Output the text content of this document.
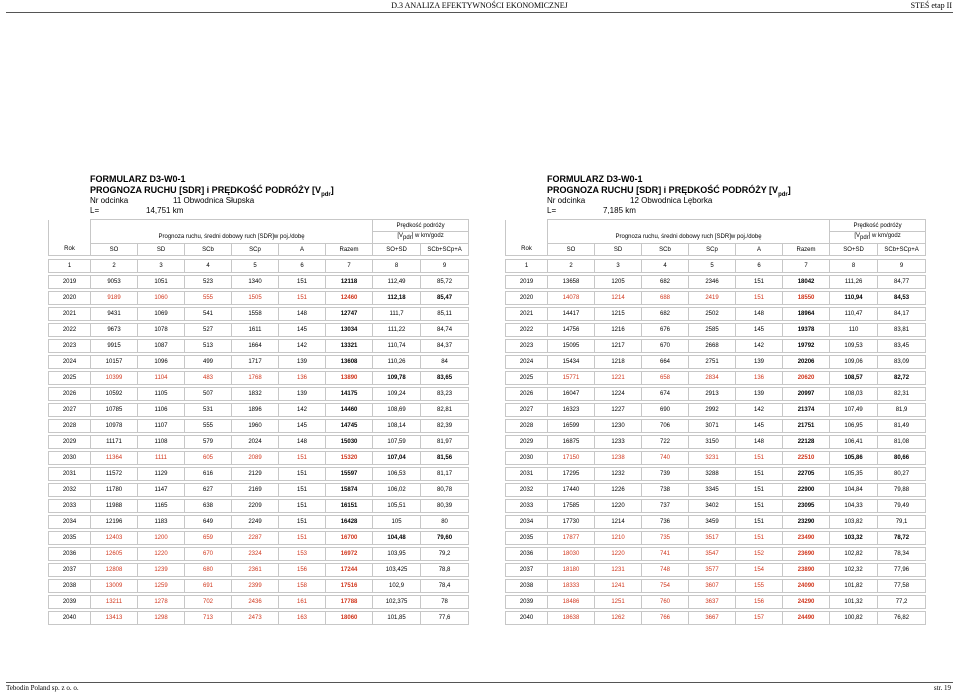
D.3 ANALIZA EFEKTYWNOŚCI EKONOMICZNEJ	STEŚ etap II
Tebodin Poland sp. z o. o.	str. 19
FORMULARZ D3-W0-1
PROGNOZA RUCHU [SDR] i PRĘDKOŚĆ PODRÓŻY $[V_{pdr}]$
Nr odcinka	11 Obwodnica Słupska
L=	14,751 km
							Prędkość podróży	
	Prognoza ruchu, średni dobowy ruch [SDR]w poj./dobę						$[V_{pdr}]$ w km/godz	
Rok	SO	SD	SCb	SCp	A	Razem	SO+SD	SCb+SCp+A

1	2	3	4	5	6	7	8	9

2019	9053	1051	523	1340	151	12118	112,49	85,72

2020	9189	1060	555	1505	151	12460	112,18	85,47

2021	9431	1069	541	1558	148	12747	111,7	85,11

2022	9673	1078	527	1611	145	13034	111,22	84,74

2023	9915	1087	513	1664	142	13321	110,74	84,37

2024	10157	1096	499	1717	139	13608	110,26	84

2025	10399	1104	483	1768	136	13890	109,78	83,65

2026	10592	1105	507	1832	139	14175	109,24	83,23

2027	10785	1106	531	1896	142	14460	108,69	82,81

2028	10978	1107	555	1960	145	14745	108,14	82,39

2029	11171	1108	579	2024	148	15030	107,59	81,97

2030	11364	1111	605	2089	151	15320	107,04	81,56

2031	11572	1129	616	2129	151	15597	106,53	81,17

2032	11780	1147	627	2169	151	15874	106,02	80,78

2033	11988	1165	638	2209	151	16151	105,51	80,39

2034	12196	1183	649	2249	151	16428	105	80

2035	12403	1200	659	2287	151	16700	104,48	79,60

2036	12605	1220	670	2324	153	16972	103,95	79,2

2037	12808	1239	680	2361	156	17244	103,425	78,8

2038	13009	1259	691	2399	158	17516	102,9	78,4

2039	13211	1278	702	2436	161	17788	102,375	78

2040	13413	1298	713	2473	163	18060	101,85	77,6
FORMULARZ D3-W0-1
PROGNOZA RUCHU [SDR] i PRĘDKOŚĆ PODRÓŻY $[V_{pdr}]$
Nr odcinka	12 Obwodnica Lęborka
L=	7,185 km
							Prędkość podróży	
	Prognoza ruchu, średni dobowy ruch [SDR]w poj./dobę						$[V_{pdr}]$ w km/godz	
Rok	SO	SD	SCb	SCp	A	Razem	SO+SD	SCb+SCp+A

1	2	3	4	5	6	7	8	9

2019	13658	1205	682	2346	151	18042	111,26	84,77

2020	14078	1214	688	2419	151	18550	110,94	84,53

2021	14417	1215	682	2502	148	18964	110,47	84,17

2022	14756	1216	676	2585	145	19378	110	83,81

2023	15095	1217	670	2668	142	19792	109,53	83,45

2024	15434	1218	664	2751	139	20206	109,06	83,09

2025	15771	1221	658	2834	136	20620	108,57	82,72

2026	16047	1224	674	2913	139	20997	108,03	82,31

2027	16323	1227	690	2992	142	21374	107,49	81,9

2028	16599	1230	706	3071	145	21751	106,95	81,49

2029	16875	1233	722	3150	148	22128	106,41	81,08

2030	17150	1238	740	3231	151	22510	105,86	80,66

2031	17295	1232	739	3288	151	22705	105,35	80,27

2032	17440	1226	738	3345	151	22900	104,84	79,88

2033	17585	1220	737	3402	151	23095	104,33	79,49

2034	17730	1214	736	3459	151	23290	103,82	79,1

2035	17877	1210	735	3517	151	23490	103,32	78,72

2036	18030	1220	741	3547	152	23690	102,82	78,34

2037	18180	1231	748	3577	154	23890	102,32	77,96

2038	18333	1241	754	3607	155	24090	101,82	77,58

2039	18486	1251	760	3637	156	24290	101,32	77,2

2040	18638	1262	766	3667	157	24490	100,82	76,82
